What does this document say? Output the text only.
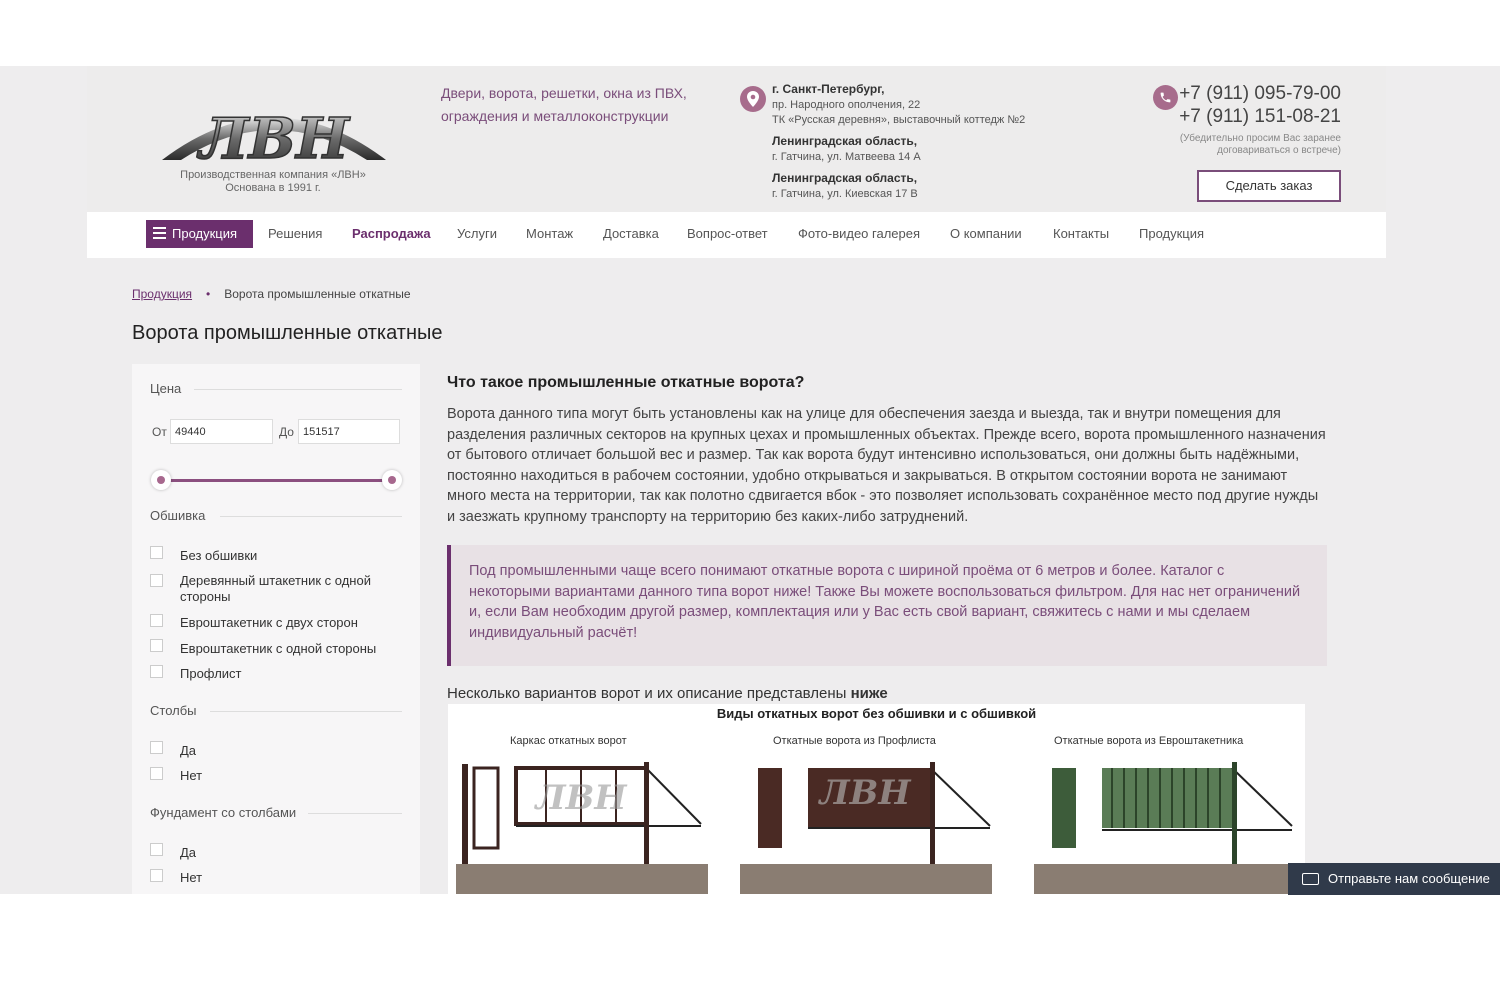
ЛВН
Производственная компания «ЛВН»
Основана в 1991 г.
Двери, ворота, решетки, окна из ПВХ, ограждения и металлоконструкции
г. Санкт-Петербург,
пр. Народного ополчения, 22
ТК «Русская деревня», выставочный коттедж №2
Ленинградская область,
г. Гатчина, ул. Матвеева 14 А
Ленинградская область,
г. Гатчина, ул. Киевская 17 В
+7 (911) 095-79-00
+7 (911) 151-08-21
(Убедительно просим Вас заранее договариваться о встрече)
Сделать заказ
Продукция	Решения Распродажа Услуги Монтаж Доставка Вопрос-ответ Фото-видео галерея О компании Контакты Продукция
Продукция • Ворота промышленные откатные
Ворота промышленные откатные
Цена
От
49440	До
151517
Обшивка
Без обшивки
Деревянный штакетник с одной стороны
Евроштакетник с двух сторон
Евроштакетник с одной стороны
Профлист
Столбы
Да
Нет
Фундамент со столбами
Да
Нет
Что такое промышленные откатные ворота?

Ворота данного типа могут быть установлены как на улице для обеспечения заезда и выезда, так и внутри помещения для разделения различных секторов на крупных цехах и промышленных объектах. Прежде всего, ворота промышленного назначения от бытового отличает большой вес и размер. Так как ворота будут интенсивно использоваться, они должны быть надёжными, постоянно находиться в рабочем состоянии, удобно открываться и закрываться. В открытом состоянии ворота не занимают много места на территории, так как полотно сдвигается вбок - это позволяет использовать сохранённое место под другие нужды и заезжать крупному транспорту на территорию без каких-либо затруднений.

Под промышленными чаще всего понимают откатные ворота с шириной проёма от 6 метров и более. Каталог с некоторыми вариантами данного типа ворот ниже! Также Вы можете воспользоваться фильтром. Для нас нет ограничений и, если Вам необходим другой размер, комплектация или у Вас есть свой вариант, свяжитесь с нами и мы сделаем индивидуальный расчёт!
Несколько вариантов ворот и их описание представлены ниже
Виды откатных ворот без обшивки и с обшивкой
Каркас откатных ворот	Откатные ворота из Профлиста	Откатные ворота из Евроштакетника
ЛВН	ЛВН
Отправьте нам сообщение
